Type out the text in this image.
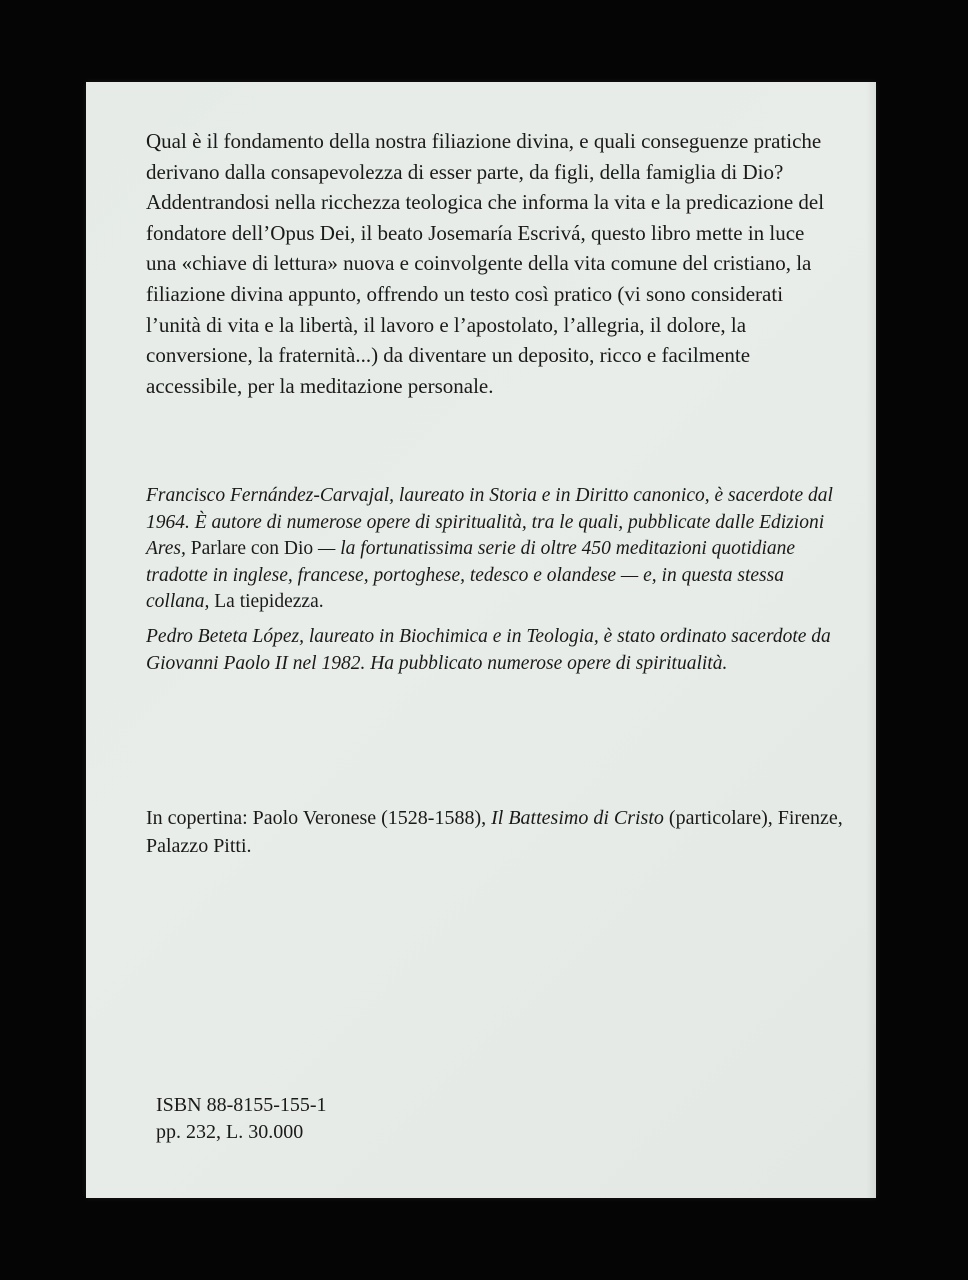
Qual è il fondamento della nostra filiazione divina, e quali conseguenze pratiche derivano dalla consapevolezza di esser parte, da figli, della famiglia di Dio? Addentrandosi nella ricchezza teologica che informa la vita e la predicazione del fondatore dell’Opus Dei, il beato Josemaría Escrivá, questo libro mette in luce una «chiave di lettura» nuova e coinvolgente della vita comune del cristiano, la filiazione divina appunto, offrendo un testo così pratico (vi sono considerati l’unità di vita e la libertà, il lavoro e l’apostolato, l’allegria, il dolore, la conversione, la fraternità...) da diventare un deposito, ricco e facilmente accessibile, per la meditazione personale.

Francisco Fernández-Carvajal, laureato in Storia e in Diritto canonico, è sacerdote dal 1964. È autore di numerose opere di spiritualità, tra le quali, pubblicate dalle Edizioni Ares, Parlare con Dio — la fortunatissima serie di oltre 450 meditazioni quotidiane tradotte in inglese, francese, portoghese, tedesco e olandese — e, in questa stessa collana, La tiepidezza.

Pedro Beteta López, laureato in Biochimica e in Teologia, è stato ordinato sacerdote da Giovanni Paolo II nel 1982. Ha pubblicato numerose opere di spiritualità.

In copertina: Paolo Veronese (1528-1588), Il Battesimo di Cristo (particolare), Firenze, Palazzo Pitti.

ISBN 88-8155-155-1
pp. 232, L. 30.000
